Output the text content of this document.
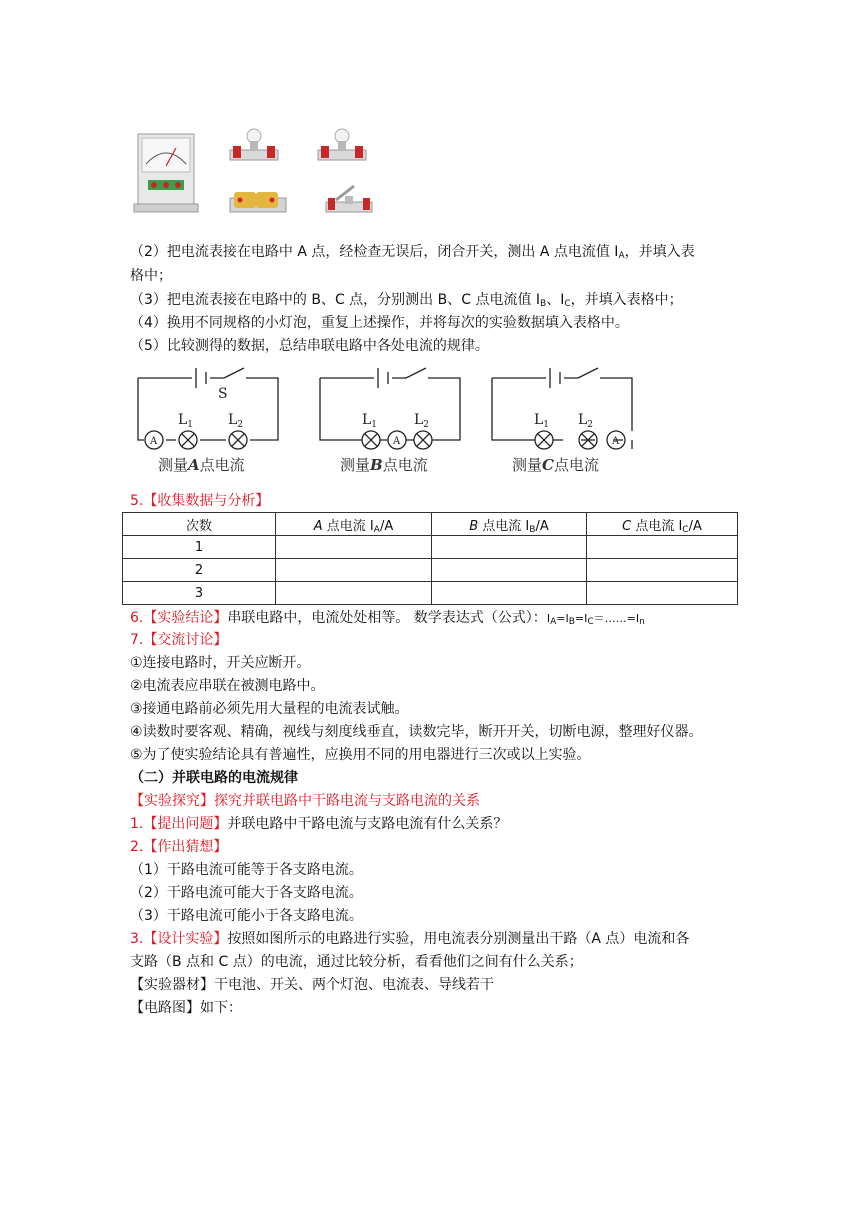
（2）把电流表接在电路中 A 点，经检查无误后，闭合开关，测出 A 点电流值 $I_A$，并填入表
格中；
（3）把电流表接在电路中的 B、C 点，分别测出 B、C 点电流值 $I_B$、$I_C$，并填入表格中；
（4）换用不同规格的小灯泡，重复上述操作，并将每次的实验数据填入表格中。
（5）比较测得的数据，总结串联电路中各处电流的规律。
S
$L_1$ $L_2$
A
$L_1$	$L_2$
A
$L_1$ $L_2$
A
测量A点电流	测量B点电流	测量C点电流
5.【收集数据与分析】
次数	A 点电流 $I_A/A$	B 点电流 $I_B/A$	C 点电流 $I_C/A$
1			
2			
3			
6.【实验结论】串联电路中，电流处处相等。 数学表达式（公式）：$I_A=I_B=I_C=\dots\dots=I_n$
7.【交流讨论】
①连接电路时，开关应断开。
②电流表应串联在被测电路中。
③接通电路前必须先用大量程的电流表试触。
④读数时要客观、精确，视线与刻度线垂直，读数完毕，断开开关，切断电源，整理好仪器。
⑤为了使实验结论具有普遍性，应换用不同的用电器进行三次或以上实验。
（二）并联电路的电流规律
【实验探究】探究并联电路中干路电流与支路电流的关系
1.【提出问题】并联电路中干路电流与支路电流有什么关系？
2.【作出猜想】
（1）干路电流可能等于各支路电流。
（2）干路电流可能大于各支路电流。
（3）干路电流可能小于各支路电流。
3.【设计实验】按照如图所示的电路进行实验，用电流表分别测量出干路（A 点）电流和各
支路（B 点和 C 点）的电流，通过比较分析，看看他们之间有什么关系；
【实验器材】干电池、开关、两个灯泡、电流表、导线若干
【电路图】如下：
